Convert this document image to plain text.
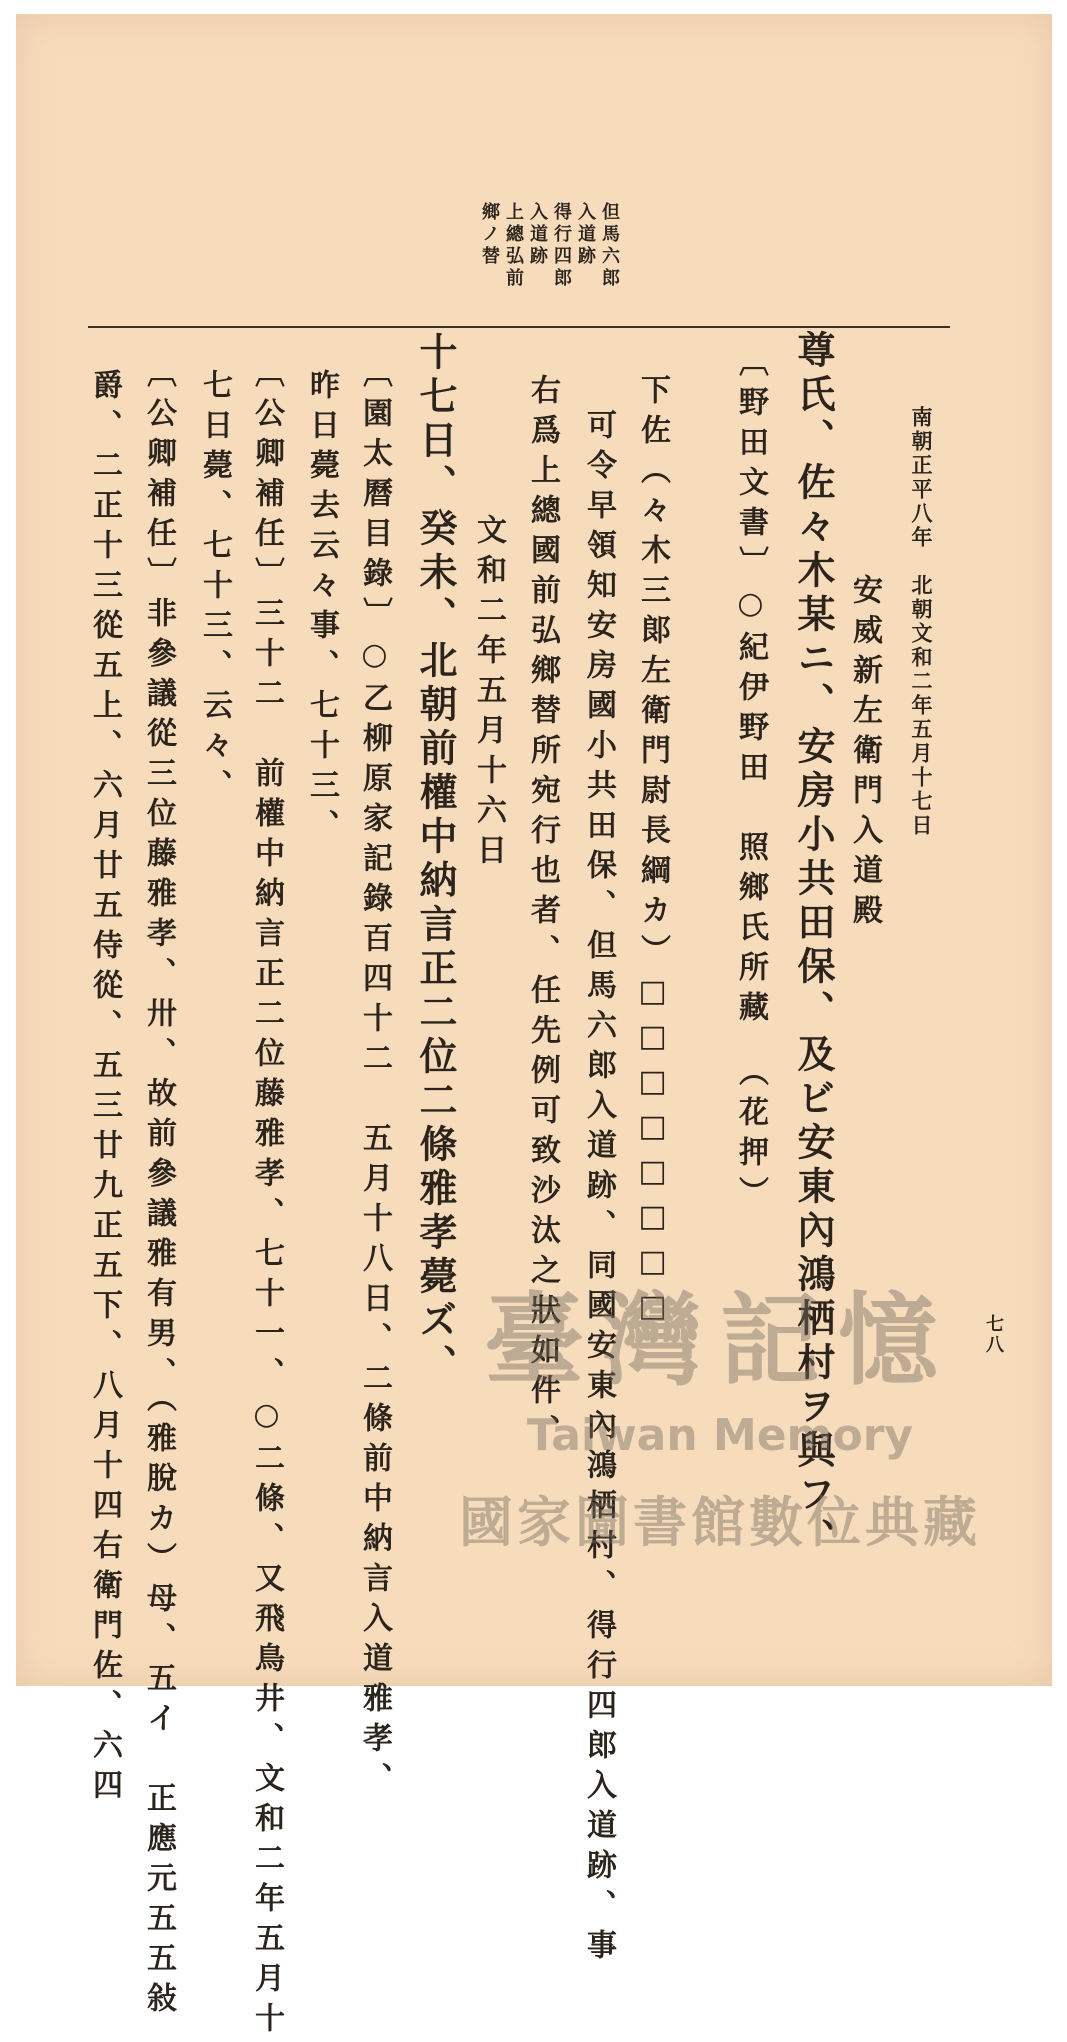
南朝正平八年　北朝文和二年五月十七日
但馬六郎
入道跡
得行四郎
入道跡
上總弘前
鄉ノ替
安威新左衛門入道殿
尊氏、佐々木某ニ、安房小共田保、及ビ安東內鴻栖村ヲ與フ、
〔野田文書〕○紀伊野田　照鄉氏所藏　（花押）
下佐（々木三郞左衛門尉長綱カ）□□□□□□□□
可令早領知安房國小共田保、但馬六郎入道跡、同國安東內鴻栖村、得行四郎入道跡、事
右爲上總國前弘鄉替所宛行也者、任先例可致沙汰之狀如件、
文和二年五月十六日
十七日、癸未、北朝前權中納言正二位二條雅孝薨ズ、
〔園太曆目錄〕○乙柳原家記錄百四十二　五月十八日、二條前中納言入道雅孝、
昨日薨去云々事、七十三、
〔公卿補任〕三十二　前權中納言正二位藤雅孝、七十一、○二條、又飛鳥井、文和二年五月十
七日薨、七十三、云々、
〔公卿補任〕非參議從三位藤雅孝、卅、故前參議雅有男、（雅脫カ）母、五イ　正應元五五敍
爵、二正十三從五上、六月廿五侍從、五三廿九正五下、八月十四右衛門佐、六四	七八
臺灣記憶
Taiwan Memory
國家圖書館數位典藏
